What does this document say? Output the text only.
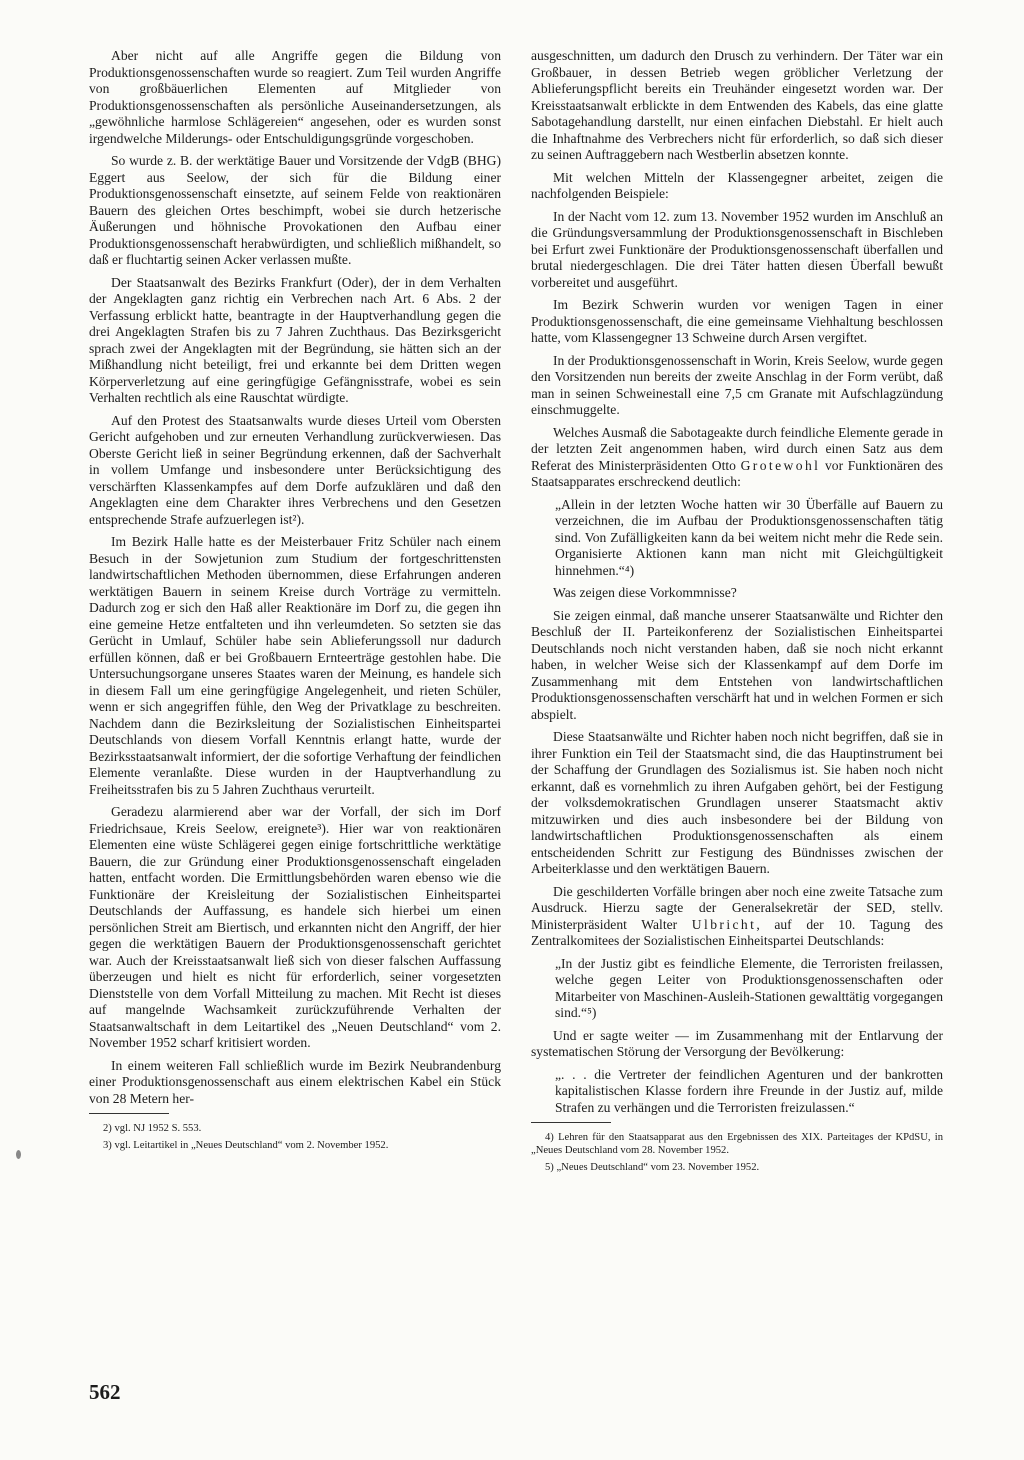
Aber nicht auf alle Angriffe gegen die Bildung von Produktionsgenossenschaften wurde so reagiert. Zum Teil wurden Angriffe von großbäuerlichen Elementen auf Mitglieder von Produktionsgenossenschaften als persönliche Auseinandersetzungen, als „gewöhnliche harmlose Schlägereien“ angesehen, oder es wurden sonst irgendwelche Milderungs- oder Entschuldigungsgründe vorgeschoben.

So wurde z. B. der werktätige Bauer und Vorsitzende der VdgB (BHG) Eggert aus Seelow, der sich für die Bildung einer Produktionsgenossenschaft einsetzte, auf seinem Felde von reaktionären Bauern des gleichen Ortes beschimpft, wobei sie durch hetzerische Äußerungen und höhnische Provokationen den Aufbau einer Produktionsgenossenschaft herabwürdigten, und schließlich mißhandelt, so daß er fluchtartig seinen Acker verlassen mußte.

Der Staatsanwalt des Bezirks Frankfurt (Oder), der in dem Verhalten der Angeklagten ganz richtig ein Verbrechen nach Art. 6 Abs. 2 der Verfassung erblickt hatte, beantragte in der Hauptverhandlung gegen die drei Angeklagten Strafen bis zu 7 Jahren Zuchthaus. Das Bezirksgericht sprach zwei der Angeklagten mit der Begründung, sie hätten sich an der Mißhandlung nicht beteiligt, frei und erkannte bei dem Dritten wegen Körperverletzung auf eine geringfügige Gefängnisstrafe, wobei es sein Verhalten rechtlich als eine Rauschtat würdigte.

Auf den Protest des Staatsanwalts wurde dieses Urteil vom Obersten Gericht aufgehoben und zur erneuten Verhandlung zurückverwiesen. Das Oberste Gericht ließ in seiner Begründung erkennen, daß der Sachverhalt in vollem Umfange und insbesondere unter Berücksichtigung des verschärften Klassenkampfes auf dem Dorfe aufzuklären und daß den Angeklagten eine dem Charakter ihres Verbrechens und den Gesetzen entsprechende Strafe aufzuerlegen ist²).

Im Bezirk Halle hatte es der Meisterbauer Fritz Schüler nach einem Besuch in der Sowjetunion zum Studium der fortgeschrittensten landwirtschaftlichen Methoden übernommen, diese Erfahrungen anderen werktätigen Bauern in seinem Kreise durch Vorträge zu vermitteln. Dadurch zog er sich den Haß aller Reaktionäre im Dorf zu, die gegen ihn eine gemeine Hetze entfalteten und ihn verleumdeten. So setzten sie das Gerücht in Umlauf, Schüler habe sein Ablieferungssoll nur dadurch erfüllen können, daß er bei Großbauern Ernteerträge gestohlen habe. Die Untersuchungsorgane unseres Staates waren der Meinung, es handele sich in diesem Fall um eine geringfügige Angelegenheit, und rieten Schüler, wenn er sich angegriffen fühle, den Weg der Privatklage zu beschreiten. Nachdem dann die Bezirksleitung der Sozialistischen Einheitspartei Deutschlands von diesem Vorfall Kenntnis erlangt hatte, wurde der Bezirksstaatsanwalt informiert, der die sofortige Verhaftung der feindlichen Elemente veranlaßte. Diese wurden in der Hauptverhandlung zu Freiheitsstrafen bis zu 5 Jahren Zuchthaus verurteilt.

Geradezu alarmierend aber war der Vorfall, der sich im Dorf Friedrichsaue, Kreis Seelow, ereignete³). Hier war von reaktionären Elementen eine wüste Schlägerei gegen einige fortschrittliche werktätige Bauern, die zur Gründung einer Produktionsgenossenschaft eingeladen hatten, entfacht worden. Die Ermittlungsbehörden waren ebenso wie die Funktionäre der Kreisleitung der Sozialistischen Einheitspartei Deutschlands der Auffassung, es handele sich hierbei um einen persönlichen Streit am Biertisch, und erkannten nicht den Angriff, der hier gegen die werktätigen Bauern der Produktionsgenossenschaft gerichtet war. Auch der Kreisstaatsanwalt ließ sich von dieser falschen Auffassung überzeugen und hielt es nicht für erforderlich, seiner vorgesetzten Dienststelle von dem Vorfall Mitteilung zu machen. Mit Recht ist dieses auf mangelnde Wachsamkeit zurückzuführende Verhalten der Staatsanwaltschaft in dem Leitartikel des „Neuen Deutschland“ vom 2. November 1952 scharf kritisiert worden.

In einem weiteren Fall schließlich wurde im Bezirk Neubrandenburg einer Produktionsgenossenschaft aus einem elektrischen Kabel ein Stück von 28 Metern her-

2) vgl. NJ 1952 S. 553.

3) vgl. Leitartikel in „Neues Deutschland“ vom 2. November 1952.

ausgeschnitten, um dadurch den Drusch zu verhindern. Der Täter war ein Großbauer, in dessen Betrieb wegen gröblicher Verletzung der Ablieferungspflicht bereits ein Treuhänder eingesetzt worden war. Der Kreisstaatsanwalt erblickte in dem Entwenden des Kabels, das eine glatte Sabotagehandlung darstellt, nur einen einfachen Diebstahl. Er hielt auch die Inhaftnahme des Verbrechers nicht für erforderlich, so daß sich dieser zu seinen Auftraggebern nach Westberlin absetzen konnte.

Mit welchen Mitteln der Klassengegner arbeitet, zeigen die nachfolgenden Beispiele:

In der Nacht vom 12. zum 13. November 1952 wurden im Anschluß an die Gründungsversammlung der Produktionsgenossenschaft in Bischleben bei Erfurt zwei Funktionäre der Produktionsgenossenschaft überfallen und brutal niedergeschlagen. Die drei Täter hatten diesen Überfall bewußt vorbereitet und ausgeführt.

Im Bezirk Schwerin wurden vor wenigen Tagen in einer Produktionsgenossenschaft, die eine gemeinsame Viehhaltung beschlossen hatte, vom Klassengegner 13 Schweine durch Arsen vergiftet.

In der Produktionsgenossenschaft in Worin, Kreis Seelow, wurde gegen den Vorsitzenden nun bereits der zweite Anschlag in der Form verübt, daß man in seinen Schweinestall eine 7,5 cm Granate mit Aufschlagzündung einschmuggelte.

Welches Ausmaß die Sabotageakte durch feindliche Elemente gerade in der letzten Zeit angenommen haben, wird durch einen Satz aus dem Referat des Ministerpräsidenten Otto Grotewohl vor Funktionären des Staatsapparates erschreckend deutlich:

„Allein in der letzten Woche hatten wir 30 Überfälle auf Bauern zu verzeichnen, die im Aufbau der Produktionsgenossenschaften tätig sind. Von Zufälligkeiten kann da bei weitem nicht mehr die Rede sein. Organisierte Aktionen kann man nicht mit Gleichgültigkeit hinnehmen.“⁴)

Was zeigen diese Vorkommnisse?

Sie zeigen einmal, daß manche unserer Staatsanwälte und Richter den Beschluß der II. Parteikonferenz der Sozialistischen Einheitspartei Deutschlands noch nicht verstanden haben, daß sie noch nicht erkannt haben, in welcher Weise sich der Klassenkampf auf dem Dorfe im Zusammenhang mit dem Entstehen von landwirtschaftlichen Produktionsgenossenschaften verschärft hat und in welchen Formen er sich abspielt.

Diese Staatsanwälte und Richter haben noch nicht begriffen, daß sie in ihrer Funktion ein Teil der Staatsmacht sind, die das Hauptinstrument bei der Schaffung der Grundlagen des Sozialismus ist. Sie haben noch nicht erkannt, daß es vornehmlich zu ihren Aufgaben gehört, bei der Festigung der volksdemokratischen Grundlagen unserer Staatsmacht aktiv mitzuwirken und dies auch insbesondere bei der Bildung von landwirtschaftlichen Produktionsgenossenschaften als einem entscheidenden Schritt zur Festigung des Bündnisses zwischen der Arbeiterklasse und den werktätigen Bauern.

Die geschilderten Vorfälle bringen aber noch eine zweite Tatsache zum Ausdruck. Hierzu sagte der Generalsekretär der SED, stellv. Ministerpräsident Walter Ulbricht, auf der 10. Tagung des Zentralkomitees der Sozialistischen Einheitspartei Deutschlands:

„In der Justiz gibt es feindliche Elemente, die Terroristen freilassen, welche gegen Leiter von Produktionsgenossenschaften oder Mitarbeiter von Maschinen-Ausleih-Stationen gewalttätig vorgegangen sind.“⁵)

Und er sagte weiter — im Zusammenhang mit der Entlarvung der systematischen Störung der Versorgung der Bevölkerung:

„. . . die Vertreter der feindlichen Agenturen und der bankrotten kapitalistischen Klasse fordern ihre Freunde in der Justiz auf, milde Strafen zu verhängen und die Terroristen freizulassen.“

4) Lehren für den Staatsapparat aus den Ergebnissen des XIX. Parteitages der KPdSU, in „Neues Deutschland vom 28. November 1952.

5) „Neues Deutschland“ vom 23. November 1952.

562
